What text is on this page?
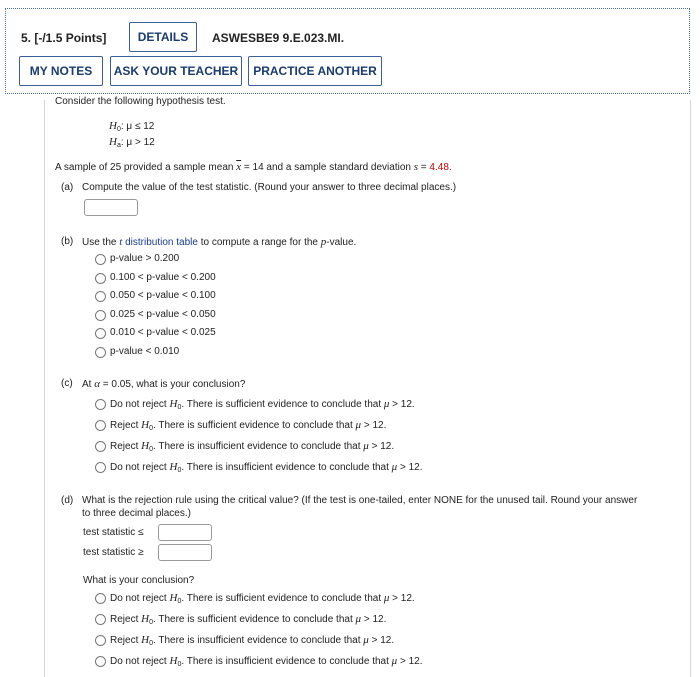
5. [-/1.5 Points]	DETAILS	ASWESBE9 9.E.023.MI.
MY NOTES	ASK YOUR TEACHER	PRACTICE ANOTHER
Consider the following hypothesis test.
$H_0$: μ ≤ 12
$H_a$: μ > 12
A sample of 25 provided a sample mean $\overline{x} = 14$ and a sample standard deviation s = 4.48.
(a) Compute the value of the test statistic. (Round your answer to three decimal places.)
(b) Use the t distribution table to compute a range for the p-value.
p-value > 0.200
0.100 < p-value < 0.200
0.050 < p-value < 0.100
0.025 < p-value < 0.050
0.010 < p-value < 0.025
p-value < 0.010
(c) At α = 0.05, what is your conclusion?
Do not reject $H_0$. There is sufficient evidence to conclude that μ > 12.
Reject $H_0$. There is sufficient evidence to conclude that μ > 12.
Reject $H_0$. There is insufficient evidence to conclude that μ > 12.
Do not reject $H_0$. There is insufficient evidence to conclude that μ > 12.
(d) What is the rejection rule using the critical value? (If the test is one-tailed, enter NONE for the unused tail. Round your answer
to three decimal places.)
test statistic ≤
test statistic ≥
What is your conclusion?
Do not reject $H_0$. There is sufficient evidence to conclude that μ > 12.
Reject $H_0$. There is sufficient evidence to conclude that μ > 12.
Reject $H_0$. There is insufficient evidence to conclude that μ > 12.
Do not reject $H_0$. There is insufficient evidence to conclude that μ > 12.
